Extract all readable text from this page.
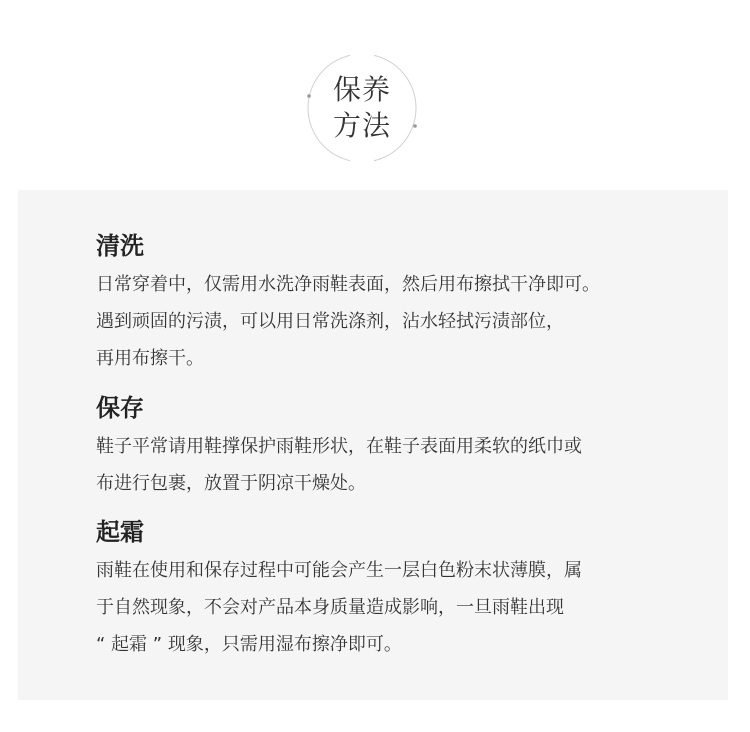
保养
方法
清洗
日常穿着中，仅需用水洗净雨鞋表面，然后用布擦拭干净即可。
遇到顽固的污渍，可以用日常洗涤剂，沾水轻拭污渍部位，
再用布擦干。
保存
鞋子平常请用鞋撑保护雨鞋形状，在鞋子表面用柔软的纸巾或
布进行包裹，放置于阴凉干燥处。
起霜
雨鞋在使用和保存过程中可能会产生一层白色粉末状薄膜，属
于自然现象，不会对产品本身质量造成影响，一旦雨鞋出现
“ 起霜 ” 现象，只需用湿布擦净即可。
